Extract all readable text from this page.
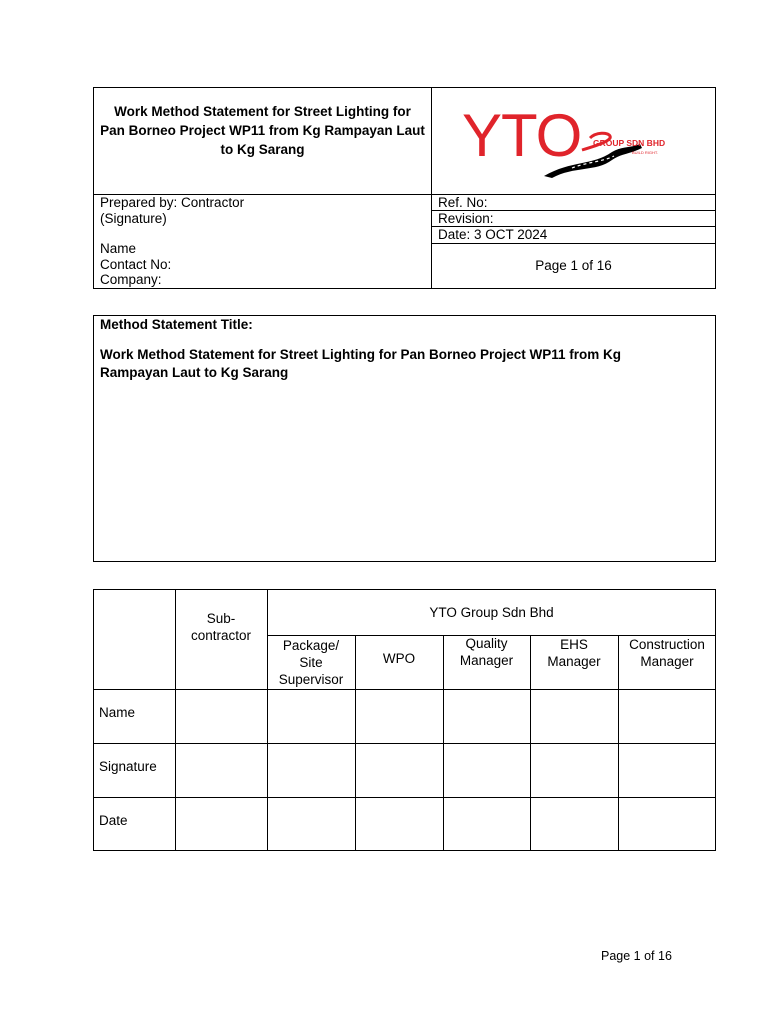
Work Method Statement for Street Lighting for Pan Borneo Project WP11 from Kg Rampayan Laut to Kg Sarang	YTO GROUP SDN BHD
BUILD RIGHT.
Prepared by: Contractor
(Signature)
Name
Contact No:
Company:
Ref. No:
Revision:
Date: 3 OCT 2024
Page 1 of 16
Method Statement Title:
Work Method Statement for Street Lighting for Pan Borneo Project WP11 from Kg Rampayan Laut to Kg Sarang
Sub-
contractor
YTO Group Sdn Bhd
Package/
Site
Supervisor
WPO
Quality
Manager
EHS
Manager
Construction
Manager
Name
Signature
Date
Page 1 of 16
